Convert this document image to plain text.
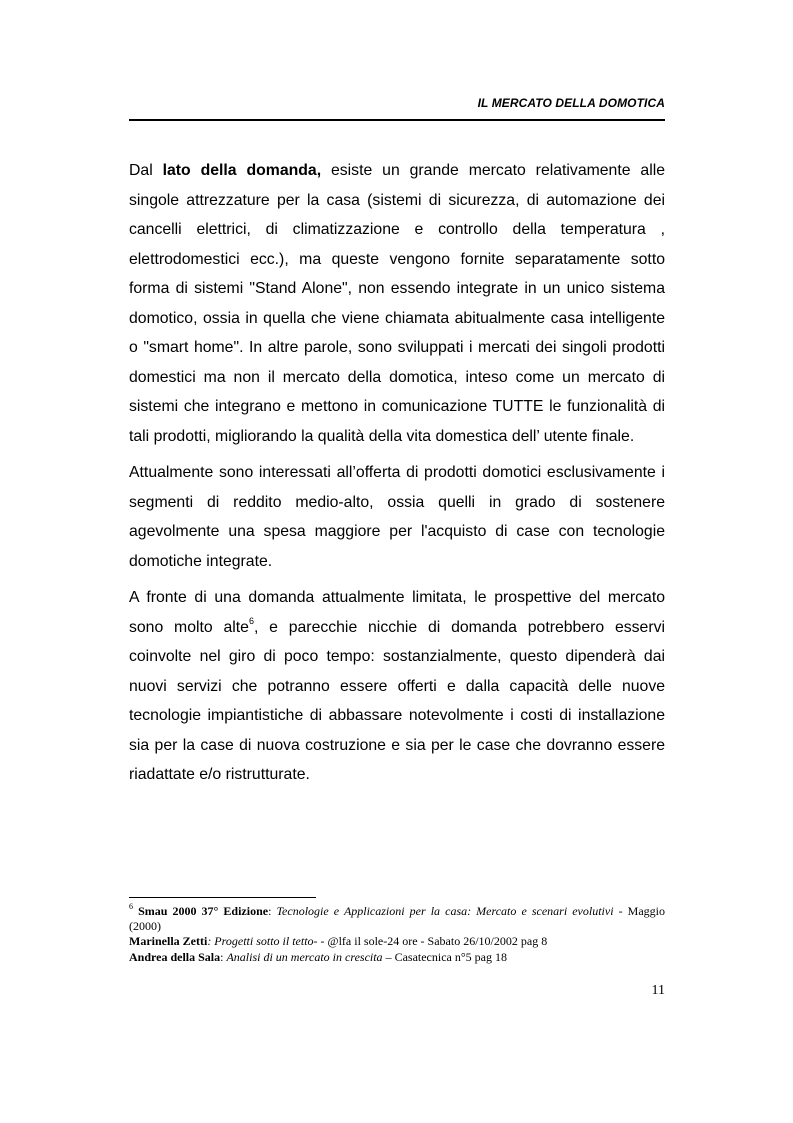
IL MERCATO DELLA DOMOTICA

Dal lato della domanda, esiste un grande mercato relativamente alle singole attrezzature per la casa (sistemi di sicurezza, di automazione dei cancelli elettrici, di climatizzazione e controllo della temperatura , elettrodomestici ecc.), ma queste vengono fornite separatamente sotto forma di sistemi "Stand Alone", non essendo integrate in un unico sistema domotico, ossia in quella che viene chiamata abitualmente casa intelligente o "smart home". In altre parole, sono sviluppati i mercati dei singoli prodotti domestici ma non il mercato della domotica, inteso come un mercato di sistemi che integrano e mettono in comunicazione TUTTE le funzionalità di tali prodotti, migliorando la qualità della vita domestica dell’ utente finale.

Attualmente sono interessati all’offerta di prodotti domotici esclusivamente i segmenti di reddito medio-alto, ossia quelli in grado di sostenere agevolmente una spesa maggiore per l'acquisto di case con tecnologie domotiche integrate.

A fronte di una domanda attualmente limitata, le prospettive del mercato sono molto alte$^6$, e parecchie nicchie di domanda potrebbero esservi coinvolte nel giro di poco tempo: sostanzialmente, questo dipenderà dai nuovi servizi che potranno essere offerti e dalla capacità delle nuove tecnologie impiantistiche di abbassare notevolmente i costi di installazione sia per la case di nuova costruzione e sia per le case che dovranno essere riadattate e/o ristrutturate.

$^6$ Smau 2000 37° Edizione: Tecnologie e Applicazioni per la casa: Mercato e scenari evolutivi - Maggio (2000)

Marinella Zetti: Progetti sotto il tetto- - @lfa il sole-24 ore - Sabato 26/10/2002 pag 8

Andrea della Sala: Analisi di un mercato in crescita – Casatecnica n°5 pag 18

11
